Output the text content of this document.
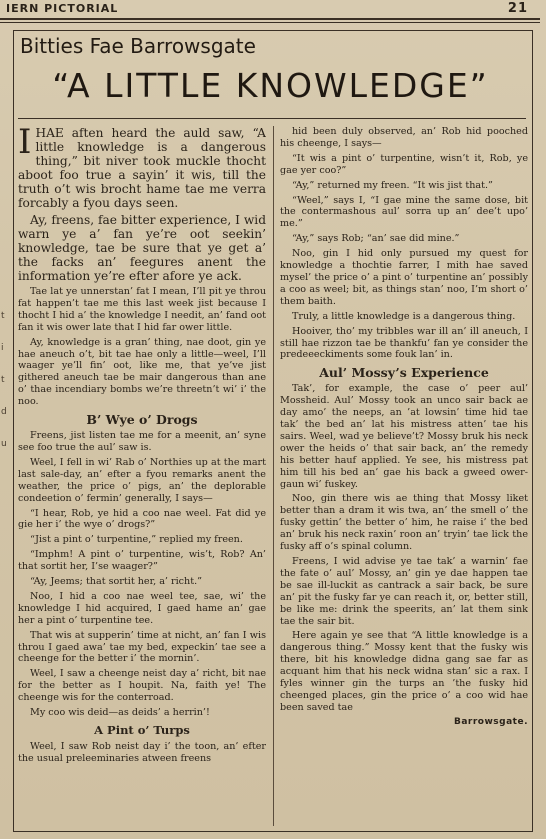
IERN PICTORIAL	21
Bitties Fae Barrowsgate
“A LITTLE KNOWLEDGE”
t
i
t
d
u

IHAE aften heard the auld saw, “A little knowledge is a dangerous thing,” bit niver took muckle thocht aboot foo true a sayin’ it wis, till the truth o’t wis brocht hame tae me verra forcably a fyou days seen.

Ay, freens, fae bitter experience, I wid warn ye a’ fan ye’re oot seekin’ knowledge, tae be sure that ye get a’ the facks an’ feegures anent the information ye’re efter afore ye ack.

Tae lat ye unnerstan’ fat I mean, I’ll pit ye throu fat happen’t tae me this last week jist because I thocht I hid a’ the knowledge I needit, an’ fand oot fan it wis ower late that I hid far ower little.

Ay, knowledge is a gran’ thing, nae doot, gin ye hae aneuch o’t, bit tae hae only a little—weel, I’ll waager ye’ll fin’ oot, like me, that ye’ve jist githered aneuch tae be mair dangerous than ane o’ thae incendiary bombs we’re threetn’t wi’ i’ the noo.

B’ Wye o’ Drogs

Freens, jist listen tae me for a meenit, an’ syne see foo true the aul’ saw is.

Weel, I fell in wi’ Rab o’ Northies up at the mart last sale-day, an’ efter a fyou remarks anent the weather, the price o’ pigs, an’ the deplorable condeetion o’ fermin’ generally, I says—

“I hear, Rob, ye hid a coo nae weel. Fat did ye gie her i’ the wye o’ drogs?”

“Jist a pint o’ turpentine,” replied my freen.

“Imphm! A pint o’ turpentine, wis’t, Rob? An’ that sortit her, I’se waager?”

“Ay, Jeems; that sortit her, a’ richt.”

Noo, I hid a coo nae weel tee, sae, wi’ the knowledge I hid acquired, I gaed hame an’ gae her a pint o’ turpentine tee.

That wis at supperin’ time at nicht, an’ fan I wis throu I gaed awa’ tae my bed, expeckin’ tae see a cheenge for the better i’ the mornin’.

Weel, I saw a cheenge neist day a’ richt, bit nae for the better as I houpit. Na, faith ye! The cheenge wis for the conterroad.

My coo wis deid—as deids’ a herrin’!

A Pint o’ Turps

Weel, I saw Rob neist day i’ the toon, an’ efter the usual preleeminaries atween freens

hid been duly observed, an’ Rob hid pooched his cheenge, I says—

“It wis a pint o’ turpentine, wisn’t it, Rob, ye gae yer coo?”

“Ay,” returned my freen. “It wis jist that.”

“Weel,” says I, “I gae mine the same dose, bit the contermashous aul’ sorra up an’ dee’t upo’ me.”

“Ay,” says Rob; “an’ sae did mine.”

Noo, gin I hid only pursued my quest for knowledge a thochtie farrer, I mith hae saved mysel’ the price o’ a pint o’ turpentine an’ possibly a coo as weel; bit, as things stan’ noo, I’m short o’ them baith.

Truly, a little knowledge is a dangerous thing.

Hooiver, tho’ my tribbles war ill an’ ill aneuch, I still hae rizzon tae be thankfu’ fan ye consider the predeeeckiments some fouk lan’ in.

Aul’ Mossy’s Experience

Tak’, for example, the case o’ peer aul’ Mossheid. Aul’ Mossy took an unco sair back ae day amo’ the neeps, an ’at lowsin’ time hid tae tak’ the bed an’ lat his mistress atten’ tae his sairs. Weel, wad ye believe’t? Mossy bruk his neck ower the heids o’ that sair back, an’ the remedy his better hauf applied. Ye see, his mistress pat him till his bed an’ gae his back a gweed ower-gaun wi’ fuskey.

Noo, gin there wis ae thing that Mossy liket better than a dram it wis twa, an’ the smell o’ the fusky gettin’ the better o’ him, he raise i’ the bed an’ bruk his neck raxin’ roon an’ tryin’ tae lick the fusky aff o’s spinal column.

Freens, I wid advise ye tae tak’ a warnin’ fae the fate o’ aul’ Mossy, an’ gin ye dae happen tae be sae ill-luckit as cantrack a sair back, be sure an’ pit the fusky far ye can reach it, or, better still, be like me: drink the speerits, an’ lat them sink tae the sair bit.

Here again ye see that “A little knowledge is a dangerous thing.” Mossy kent that the fusky wis there, bit his knowledge didna gang sae far as acquant him that his neck widna stan’ sic a rax. I fyles winner gin the turps an ’the fusky hid cheenged places, gin the price o’ a coo wid hae been saved tae

Barrowsgate.
